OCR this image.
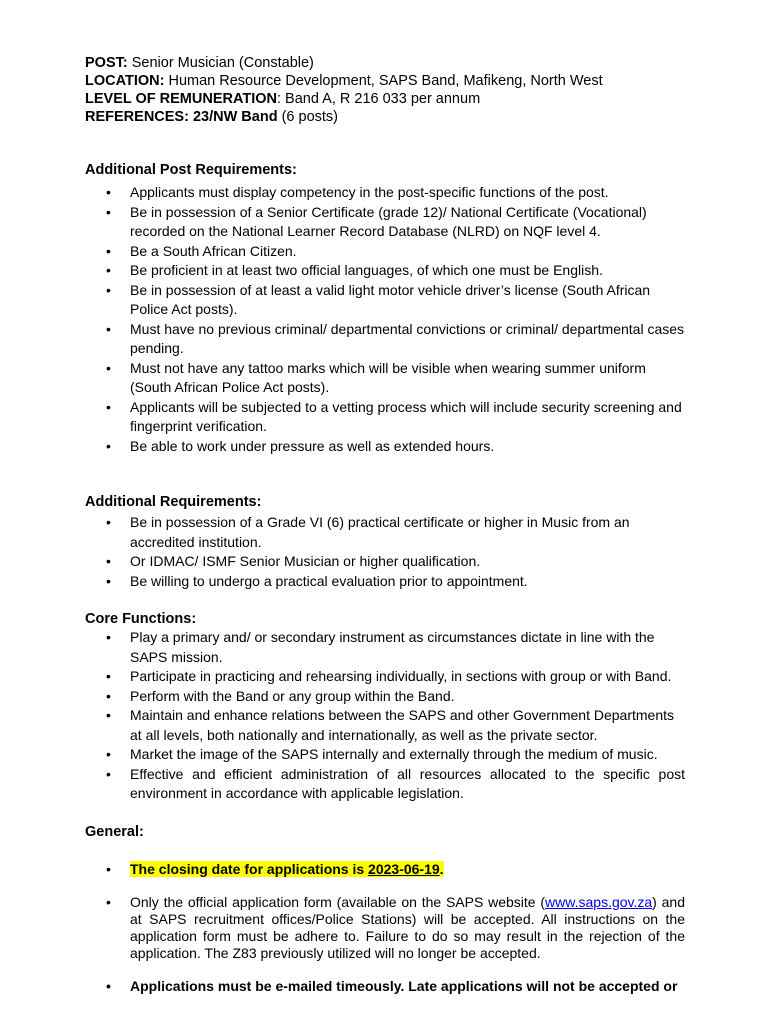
POST: Senior Musician (Constable)

LOCATION: Human Resource Development, SAPS Band, Mafikeng, North West

LEVEL OF REMUNERATION: Band A, R 216 033 per annum

REFERENCES: 23/NW Band (6 posts)

Additional Post Requirements:
• Applicants must display competency in the post-specific functions of the post.
• Be in possession of a Senior Certificate (grade 12)/ National Certificate (Vocational) recorded on the National Learner Record Database (NLRD) on NQF level 4.
• Be a South African Citizen.
• Be proficient in at least two official languages, of which one must be English.
• Be in possession of at least a valid light motor vehicle driver’s license (South African Police Act posts).
• Must have no previous criminal/ departmental convictions or criminal/ departmental cases pending.
• Must not have any tattoo marks which will be visible when wearing summer uniform (South African Police Act posts).
• Applicants will be subjected to a vetting process which will include security screening and fingerprint verification.
• Be able to work under pressure as well as extended hours.
Additional Requirements:
• Be in possession of a Grade VI (6) practical certificate or higher in Music from an accredited institution.
• Or IDMAC/ ISMF Senior Musician or higher qualification.
• Be willing to undergo a practical evaluation prior to appointment.
Core Functions:
• Play a primary and/ or secondary instrument as circumstances dictate in line with the SAPS mission.
• Participate in practicing and rehearsing individually, in sections with group or with Band.
• Perform with the Band or any group within the Band.
• Maintain and enhance relations between the SAPS and other Government Departments at all levels, both nationally and internationally, as well as the private sector.
• Market the image of the SAPS internally and externally through the medium of music.
• Effective and efficient administration of all resources allocated to the specific post environment in accordance with applicable legislation.
General:
• The closing date for applications is 2023-06-19.
• Only the official application form (available on the SAPS website (www.saps.gov.za) and at SAPS recruitment offices/Police Stations) will be accepted. All instructions on the application form must be adhere to. Failure to do so may result in the rejection of the application. The Z83 previously utilized will no longer be accepted.
• Applications must be e-mailed timeously. Late applications will not be accepted or
